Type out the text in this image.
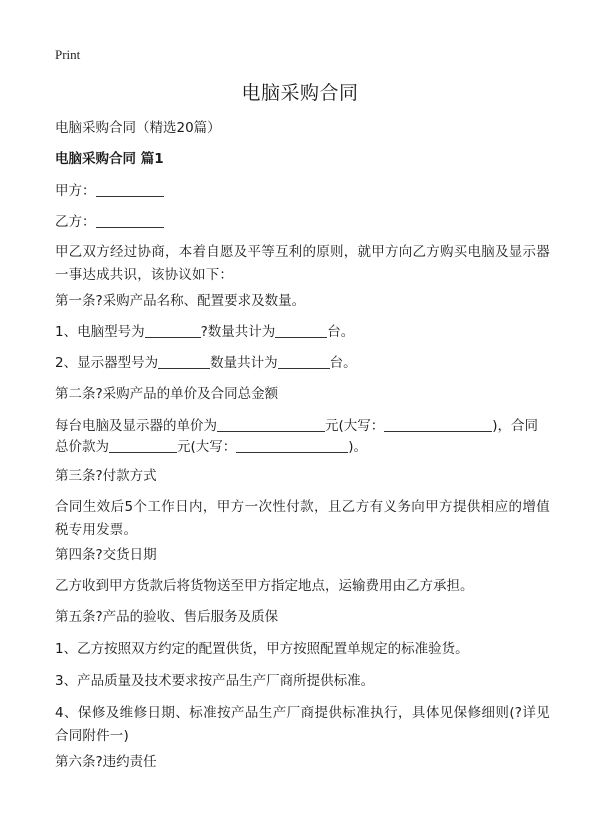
Print
电脑采购合同

电脑采购合同（精选20篇）

电脑采购合同 篇1

甲方：

乙方：

甲乙双方经过协商，本着自愿及平等互利的原则，就甲方向乙方购买电脑及显示器一事达成共识，该协议如下：

第一条?采购产品名称、配置要求及数量。

1、电脑型号为	?数量共计为	台。

2、显示器型号为	数量共计为	台。

第二条?采购产品的单价及合同总金额

每台电脑及显示器的单价为	元(大写：	)，合同

总价款为	元(大写：	)。

第三条?付款方式

合同生效后5个工作日内，甲方一次性付款，且乙方有义务向甲方提供相应的增值税专用发票。

第四条?交货日期

乙方收到甲方货款后将货物送至甲方指定地点，运输费用由乙方承担。

第五条?产品的验收、售后服务及质保

1、乙方按照双方约定的配置供货，甲方按照配置单规定的标准验货。

3、产品质量及技术要求按产品生产厂商所提供标准。

4、保修及维修日期、标准按产品生产厂商提供标准执行，具体见保修细则(?详见合同附件一)

第六条?违约责任
